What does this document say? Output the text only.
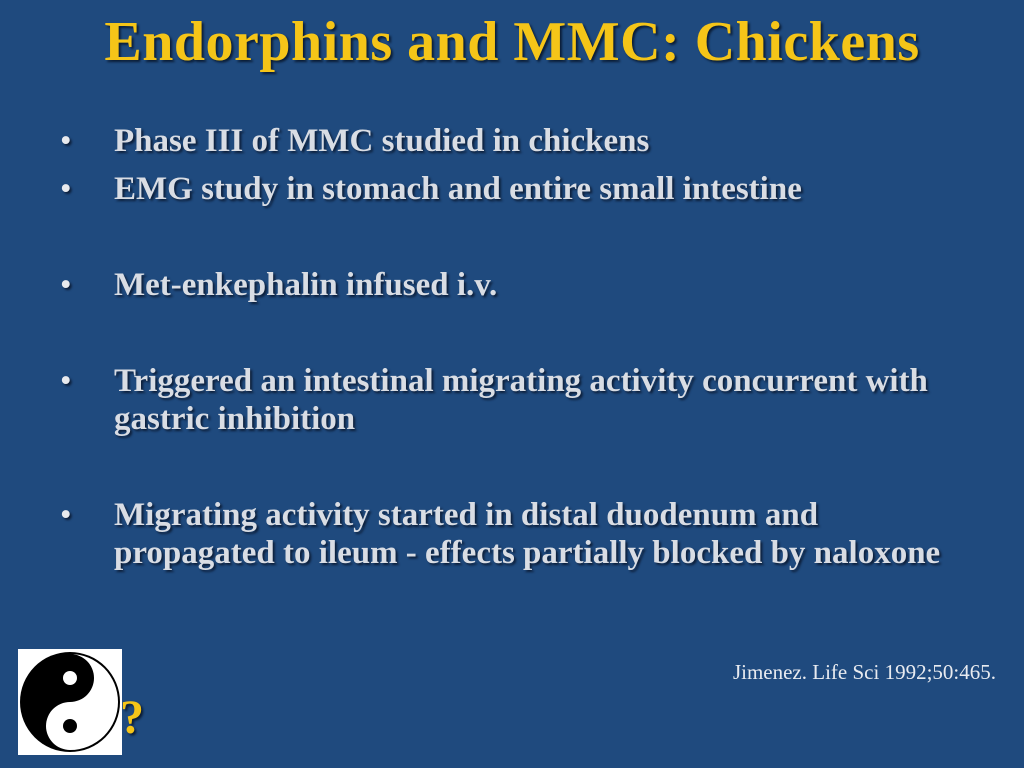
Endorphins and MMC: Chickens
• Phase III of MMC studied in chickens
• EMG study in stomach and entire small intestine
• Met-enkephalin infused i.v.
• Triggered an intestinal migrating activity concurrent with gastric inhibition
• Migrating activity started in distal duodenum and propagated to ileum - effects partially blocked by naloxone
Jimenez. Life Sci 1992;50:465.
?
